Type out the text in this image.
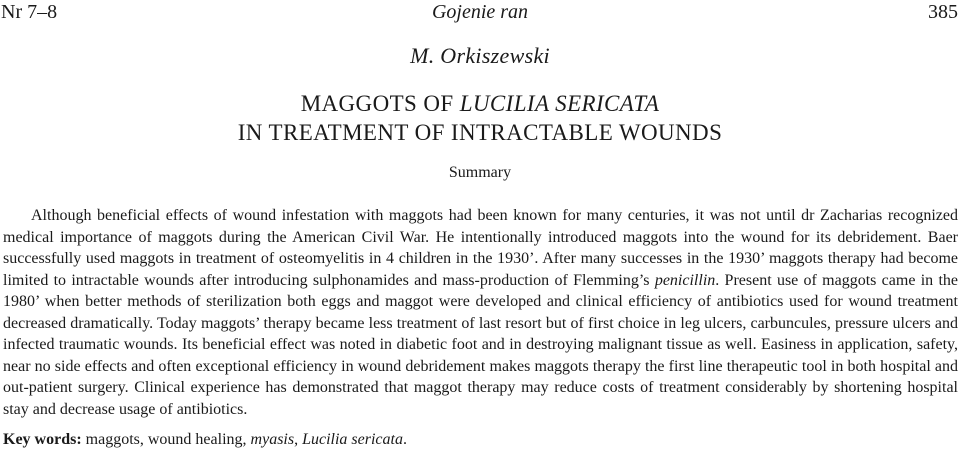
Nr 7–8	Gojenie ran	385
M. Orkiszewski
MAGGOTS OF LUCILIA SERICATA
IN TREATMENT OF INTRACTABLE WOUNDS
Summary
Although beneficial effects of wound infestation with maggots had been known for many centuries, it was not until dr Zacharias recognized medical importance of maggots during the American Civil War. He intentionally introduced maggots into the wound for its debridement. Baer successfully used maggots in treatment of osteomyelitis in 4 children in the 1930’. After many successes in the 1930’ maggots therapy had become limited to intractable wounds after introducing sulphonamides and mass-production of Flemming’s penicillin. Present use of maggots came in the 1980’ when better methods of sterilization both eggs and maggot were developed and clinical efficiency of antibiotics used for wound treatment decreased dramatically. Today maggots’ therapy became less treatment of last resort but of first choice in leg ulcers, carbuncules, pressure ulcers and infected traumatic wounds. Its beneficial effect was noted in diabetic foot and in destroying malignant tissue as well. Easiness in application, safety, near no side effects and often exceptional efficiency in wound debridement makes maggots therapy the first line therapeutic tool in both hospital and out-patient surgery. Clinical experience has demonstrated that maggot therapy may reduce costs of treatment considerably by shortening hospital stay and decrease usage of antibiotics.
Key words: maggots, wound healing, myasis, Lucilia sericata.
